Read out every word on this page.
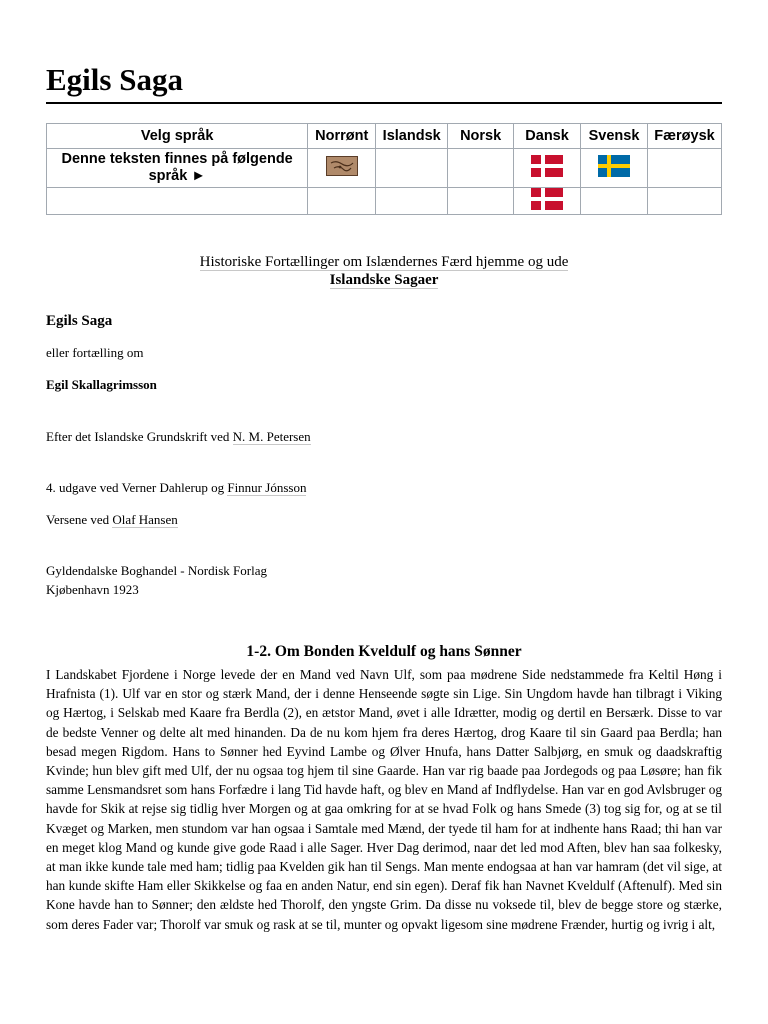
Egils Saga
Velg språk	Norrønt	Islandsk	Norsk	Dansk	Svensk	Færøysk
Denne teksten finnes på følgende språk ►						

Historiske Fortællinger om Islændernes Færd hjemme og ude
Islandske Sagaer
Egils Saga
eller fortælling om
Egil Skallagrimsson
Efter det Islandske Grundskrift ved N. M. Petersen
4. udgave ved Verner Dahlerup og Finnur Jónsson
Versene ved Olaf Hansen
Gyldendalske Boghandel - Nordisk Forlag
Kjøbenhavn 1923
1-2. Om Bonden Kveldulf og hans Sønner

I Landskabet Fjordene i Norge levede der en Mand ved Navn Ulf, som paa mødrene Side nedstammede fra Keltil Høng i Hrafnista (1). Ulf var en stor og stærk Mand, der i denne Henseende søgte sin Lige. Sin Ungdom havde han tilbragt i Viking og Hærtog, i Selskab med Kaare fra Berdla (2), en ætstor Mand, øvet i alle Idrætter, modig og dertil en Bersærk. Disse to var de bedste Venner og delte alt med hinanden. Da de nu kom hjem fra deres Hærtog, drog Kaare til sin Gaard paa Berdla; han besad megen Rigdom. Hans to Sønner hed Eyvind Lambe og Ølver Hnufa, hans Datter Salbjørg, en smuk og daadskraftig Kvinde; hun blev gift med Ulf, der nu ogsaa tog hjem til sine Gaarde. Han var rig baade paa Jordegods og paa Løsøre; han fik samme Lensmandsret som hans Forfædre i lang Tid havde haft, og blev en Mand af Indflydelse. Han var en god Avlsbruger og havde for Skik at rejse sig tidlig hver Morgen og at gaa omkring for at se hvad Folk og hans Smede (3) tog sig for, og at se til Kvæget og Marken, men stundom var han ogsaa i Samtale med Mænd, der tyede til ham for at indhente hans Raad; thi han var en meget klog Mand og kunde give gode Raad i alle Sager. Hver Dag derimod, naar det led mod Aften, blev han saa folkesky, at man ikke kunde tale med ham; tidlig paa Kvelden gik han til Sengs. Man mente endogsaa at han var hamram (det vil sige, at han kunde skifte Ham eller Skikkelse og faa en anden Natur, end sin egen). Deraf fik han Navnet Kveldulf (Aftenulf). Med sin Kone havde han to Sønner; den ældste hed Thorolf, den yngste Grim. Da disse nu voksede til, blev de begge store og stærke, som deres Fader var; Thorolf var smuk og rask at se til, munter og opvakt ligesom sine mødrene Frænder, hurtig og ivrig i alt,
